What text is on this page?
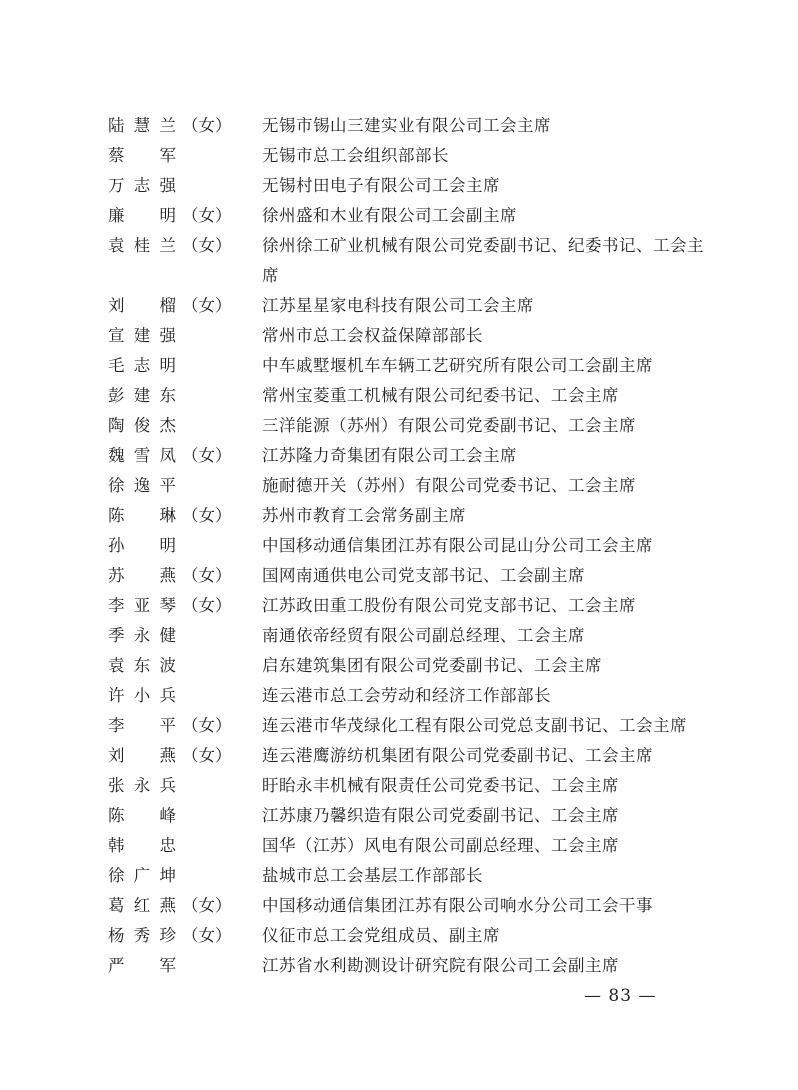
陆慧兰 （女）	无锡市锡山三建实业有限公司工会主席
蔡 军	无锡市总工会组织部部长
万志强	无锡村田电子有限公司工会主席
廉 明 （女）	徐州盛和木业有限公司工会副主席
袁桂兰 （女）	徐州徐工矿业机械有限公司党委副书记、纪委书记、工会主席
刘 榴 （女）	江苏星星家电科技有限公司工会主席
宣建强	常州市总工会权益保障部部长
毛志明	中车戚墅堰机车车辆工艺研究所有限公司工会副主席
彭建东	常州宝菱重工机械有限公司纪委书记、工会主席
陶俊杰	三洋能源（苏州）有限公司党委副书记、工会主席
魏雪凤 （女）	江苏隆力奇集团有限公司工会主席
徐逸平	施耐德开关（苏州）有限公司党委书记、工会主席
陈 琳 （女）	苏州市教育工会常务副主席
孙 明	中国移动通信集团江苏有限公司昆山分公司工会主席
苏 燕 （女）	国网南通供电公司党支部书记、工会副主席
李亚琴 （女）	江苏政田重工股份有限公司党支部书记、工会主席
季永健	南通依帝经贸有限公司副总经理、工会主席
袁东波	启东建筑集团有限公司党委副书记、工会主席
许小兵	连云港市总工会劳动和经济工作部部长
李 平 （女）	连云港市华茂绿化工程有限公司党总支副书记、工会主席
刘 燕 （女）	连云港鹰游纺机集团有限公司党委副书记、工会主席
张永兵	盱眙永丰机械有限责任公司党委书记、工会主席
陈 峰	江苏康乃馨织造有限公司党委副书记、工会主席
韩 忠	国华（江苏）风电有限公司副总经理、工会主席
徐广坤	盐城市总工会基层工作部部长
葛红燕 （女）	中国移动通信集团江苏有限公司响水分公司工会干事
杨秀珍 （女）	仪征市总工会党组成员、副主席
严 军	江苏省水利勘测设计研究院有限公司工会副主席
— 83 —
